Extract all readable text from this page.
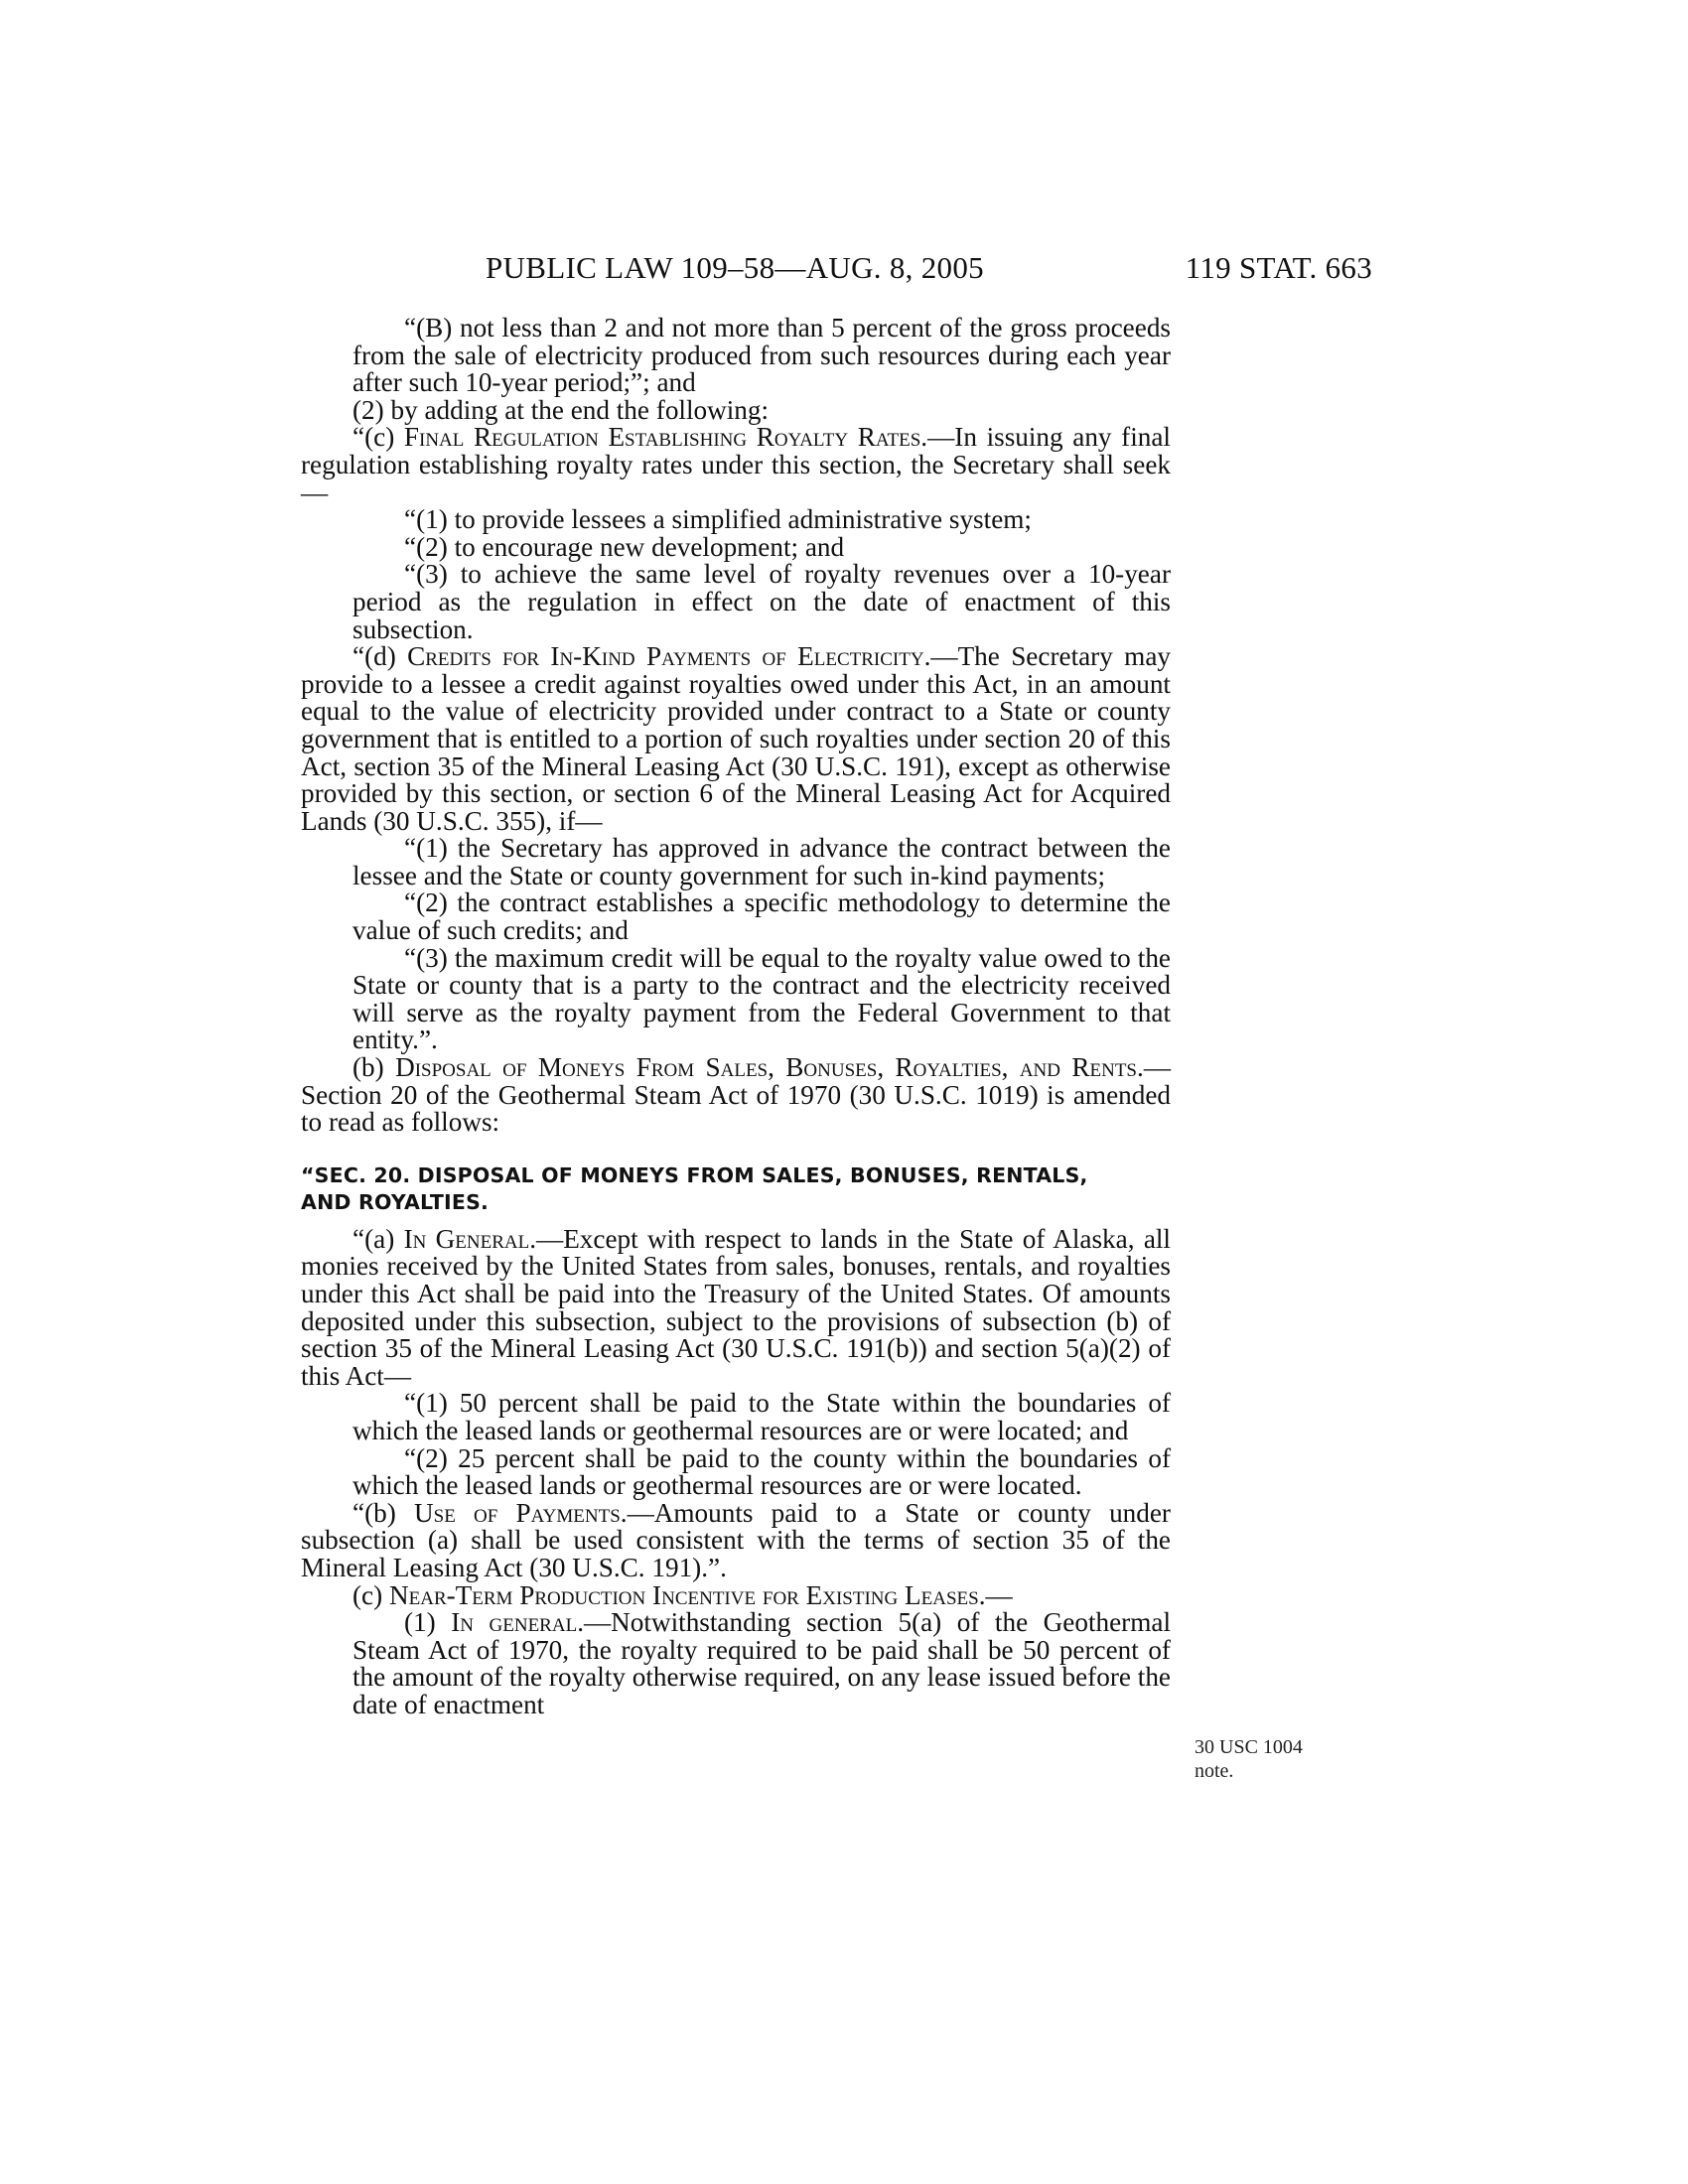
PUBLIC LAW 109–58—AUG. 8, 2005	119 STAT. 663

“(B) not less than 2 and not more than 5 percent of the gross proceeds from the sale of electricity produced from such resources during each year after such 10-year period;”; and

(2) by adding at the end the following:

“(c) Final Regulation Establishing Royalty Rates.—In issuing any final regulation establishing royalty rates under this section, the Secretary shall seek—

“(1) to provide lessees a simplified administrative system;

“(2) to encourage new development; and

“(3) to achieve the same level of royalty revenues over a 10-year period as the regulation in effect on the date of enactment of this subsection.

“(d) Credits for In-Kind Payments of Electricity.—The Secretary may provide to a lessee a credit against royalties owed under this Act, in an amount equal to the value of electricity provided under contract to a State or county government that is entitled to a portion of such royalties under section 20 of this Act, section 35 of the Mineral Leasing Act (30 U.S.C. 191), except as otherwise provided by this section, or section 6 of the Mineral Leasing Act for Acquired Lands (30 U.S.C. 355), if—

“(1) the Secretary has approved in advance the contract between the lessee and the State or county government for such in-kind payments;

“(2) the contract establishes a specific methodology to determine the value of such credits; and

“(3) the maximum credit will be equal to the royalty value owed to the State or county that is a party to the contract and the electricity received will serve as the royalty payment from the Federal Government to that entity.”.

(b) Disposal of Moneys From Sales, Bonuses, Royalties, and Rents.—Section 20 of the Geothermal Steam Act of 1970 (30 U.S.C. 1019) is amended to read as follows:

“SEC. 20. DISPOSAL OF MONEYS FROM SALES, BONUSES, RENTALS,
AND ROYALTIES.

“(a) In General.—Except with respect to lands in the State of Alaska, all monies received by the United States from sales, bonuses, rentals, and royalties under this Act shall be paid into the Treasury of the United States. Of amounts deposited under this subsection, subject to the provisions of subsection (b) of section 35 of the Mineral Leasing Act (30 U.S.C. 191(b)) and section 5(a)(2) of this Act—

“(1) 50 percent shall be paid to the State within the boundaries of which the leased lands or geothermal resources are or were located; and

“(2) 25 percent shall be paid to the county within the boundaries of which the leased lands or geothermal resources are or were located.

“(b) Use of Payments.—Amounts paid to a State or county under subsection (a) shall be used consistent with the terms of section 35 of the Mineral Leasing Act (30 U.S.C. 191).”.

(c) Near-Term Production Incentive for Existing Leases.—

(1) In general.—Notwithstanding section 5(a) of the Geothermal Steam Act of 1970, the royalty required to be paid shall be 50 percent of the amount of the royalty otherwise required, on any lease issued before the date of enactment

30 USC 1004
note.
